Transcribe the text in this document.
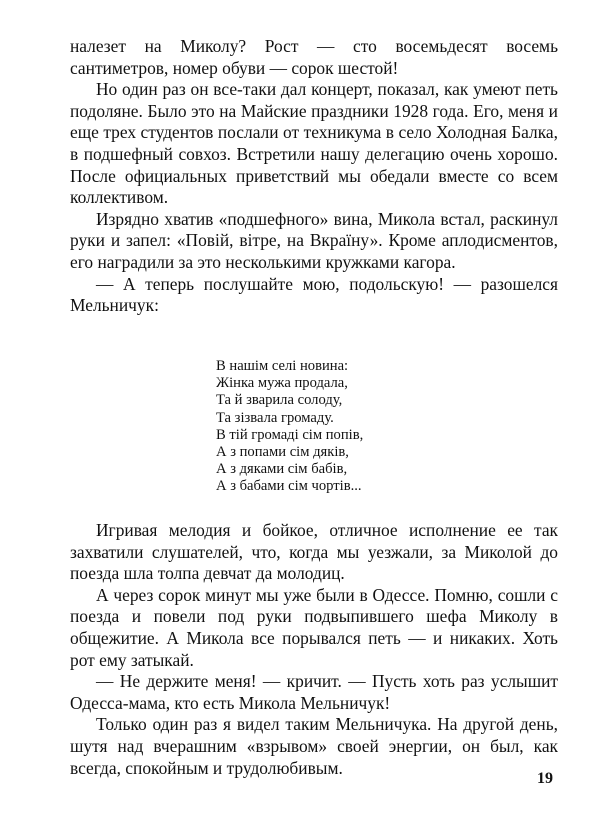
налезет на Миколу? Рост — сто восемьдесят восемь сантиметров, номер обуви — сорок шестой!

Но один раз он все-таки дал концерт, показал, как умеют петь подоляне. Было это на Майские праздники 1928 года. Его, меня и еще трех студентов послали от техникума в село Холодная Балка, в подшефный совхоз. Встретили нашу делегацию очень хорошо. После официальных приветствий мы обедали вместе со всем коллективом.

Изрядно хватив «подшефного» вина, Микола встал, раскинул руки и запел: «Повій, вітре, на Вкраїну». Кроме аплодисментов, его наградили за это несколькими кружками кагора.

— А теперь послушайте мою, подольскую! — разошелся Мельничук:

В нашім селі новина:
Жінка мужа продала,
Та й зварила солоду,
Та зізвала громаду.
В тій громаді сім попів,
А з попами сім дяків,
А з дяками сім бабів,
А з бабами сім чортів...

Игривая мелодия и бойкое, отличное исполнение ее так захватили слушателей, что, когда мы уезжали, за Миколой до поезда шла толпа девчат да молодиц.

А через сорок минут мы уже были в Одессе. Помню, сошли с поезда и повели под руки подвыпившего шефа Миколу в общежитие. А Микола все порывался петь — и никаких. Хоть рот ему затыкай.

— Не держите меня! — кричит. — Пусть хоть раз услышит Одесса-мама, кто есть Микола Мельничук!

Только один раз я видел таким Мельничука. На другой день, шутя над вчерашним «взрывом» своей энергии, он был, как всегда, спокойным и трудолюбивым.

19
